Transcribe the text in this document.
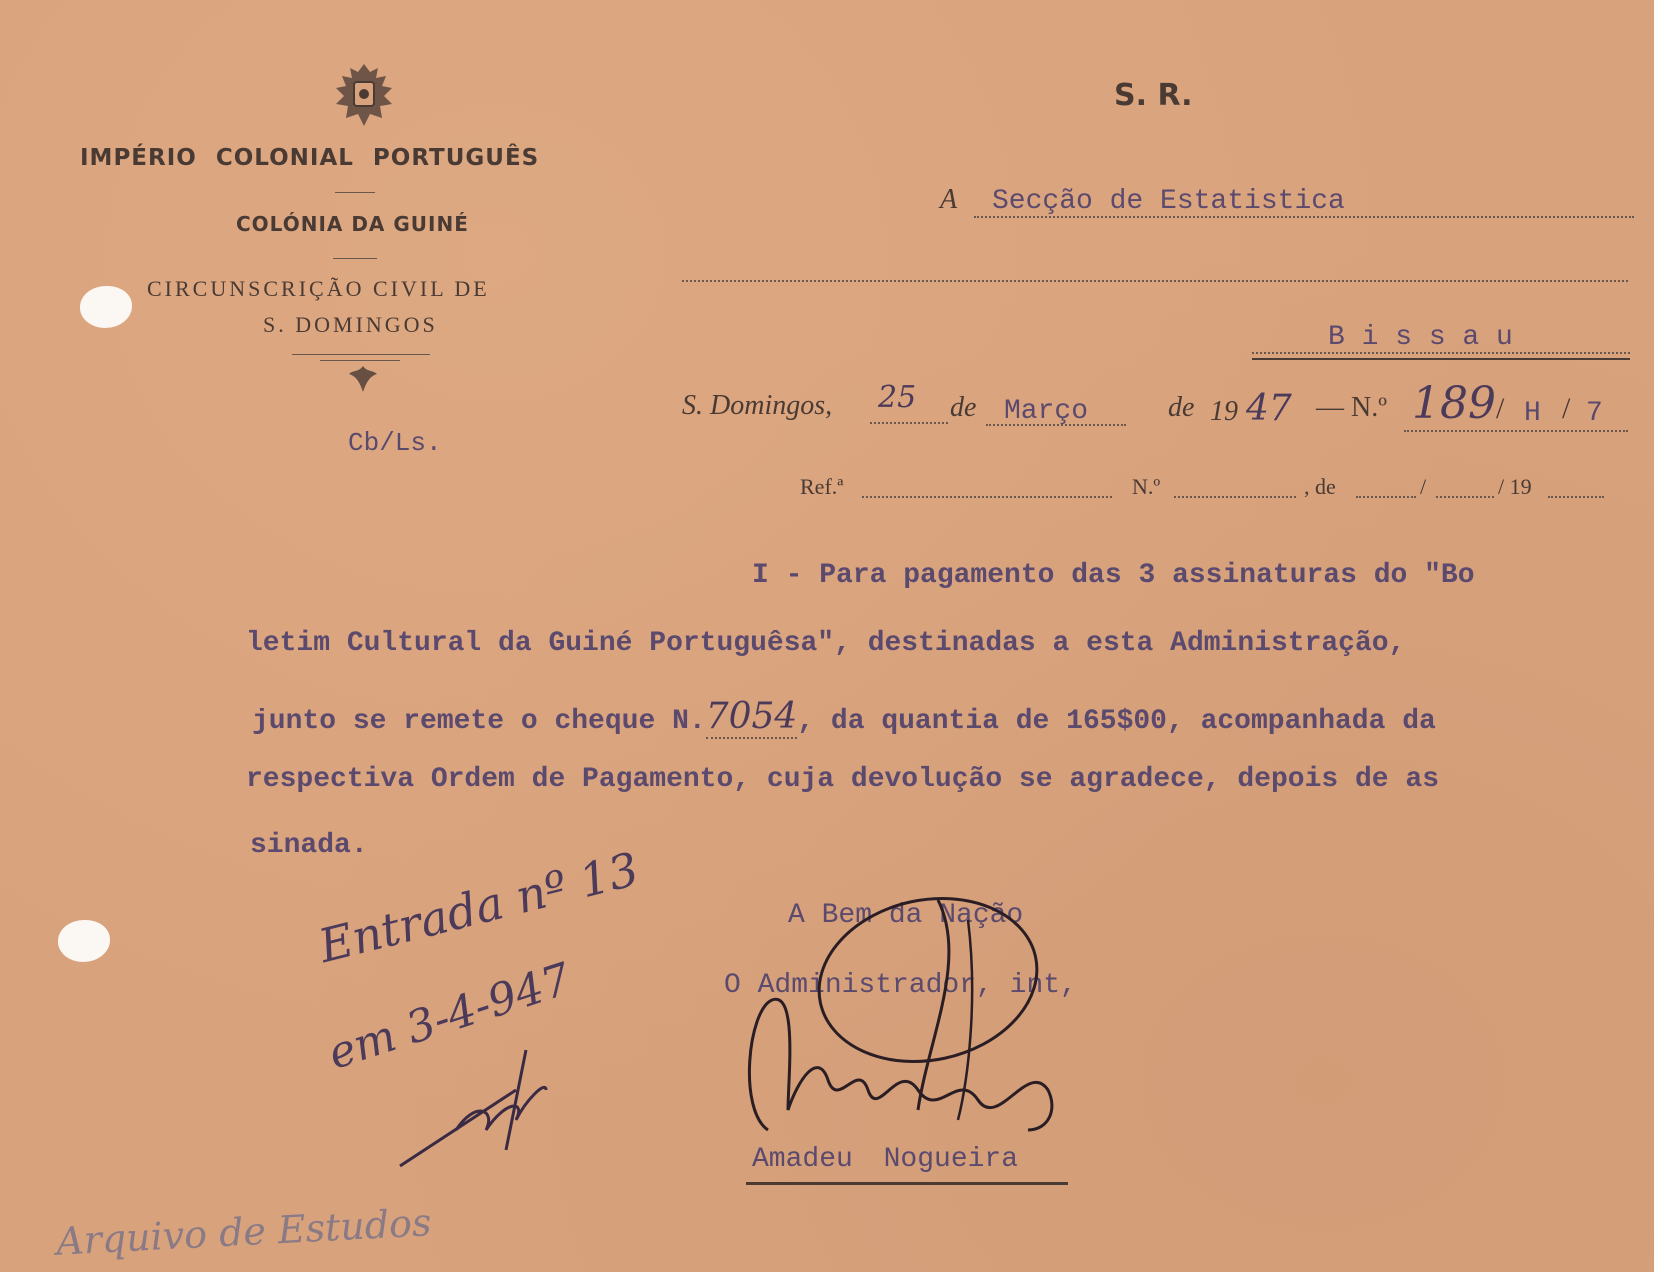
IMPÉRIO COLONIAL PORTUGUÊS
COLÓNIA DA GUINÉ
CIRCUNSCRIÇÃO CIVIL DE
S. DOMINGOS
Cb/Ls.
S. R.
A Secção de Estatistica
B i s s a u
S. Domingos, 25 de Março	de 19 47 — N.º 189 / H / 7
Ref.ª	N.º	, de	/	/ 19
I - Para pagamento das 3 assinaturas do "Bo
letim Cultural da Guiné Portuguêsa", destinadas a esta Administração,
junto se remete o cheque N.7054, da quantia de 165$00, acompanhada da
respectiva Ordem de Pagamento, cuja devolução se agradece, depois de as
sinada.
A Bem da Nação
O Administrador, int,
Amadeu Nogueira
Entrada nº 13
em 3-4-947
Arquivo de Estudos
